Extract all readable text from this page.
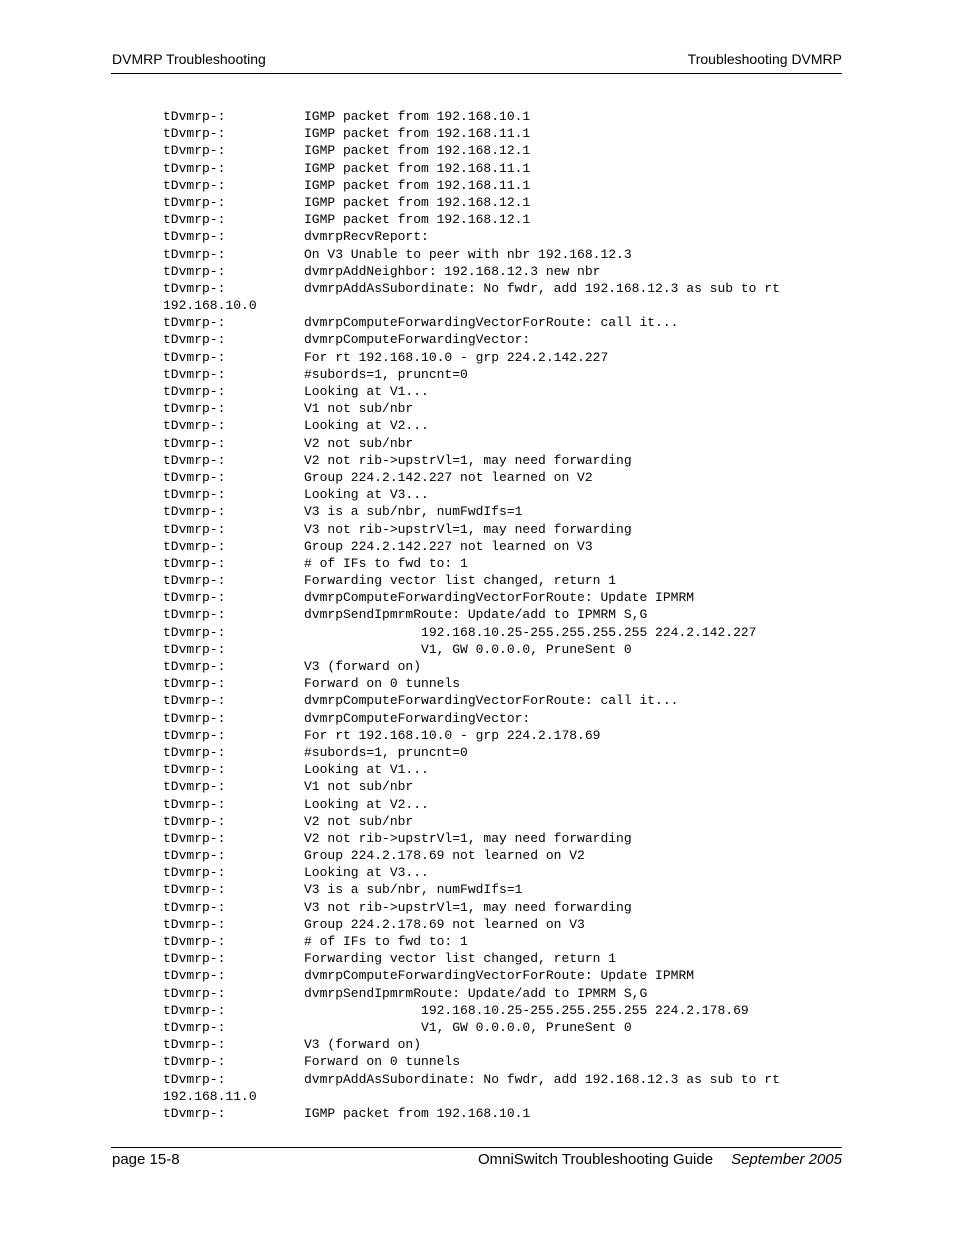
DVMRP Troubleshooting	Troubleshooting DVMRP
tDvmrp-:	IGMP packet from 192.168.10.1
tDvmrp-:	IGMP packet from 192.168.11.1
tDvmrp-:	IGMP packet from 192.168.12.1
tDvmrp-:	IGMP packet from 192.168.11.1
tDvmrp-:	IGMP packet from 192.168.11.1
tDvmrp-:	IGMP packet from 192.168.12.1
tDvmrp-:	IGMP packet from 192.168.12.1
tDvmrp-:	dvmrpRecvReport:
tDvmrp-:	On V3 Unable to peer with nbr 192.168.12.3
tDvmrp-:	dvmrpAddNeighbor: 192.168.12.3 new nbr
tDvmrp-:	dvmrpAddAsSubordinate: No fwdr, add 192.168.12.3 as sub to rt
192.168.10.0
tDvmrp-:	dvmrpComputeForwardingVectorForRoute: call it...
tDvmrp-:	dvmrpComputeForwardingVector:
tDvmrp-:	For rt 192.168.10.0 - grp 224.2.142.227
tDvmrp-:	#subords=1, pruncnt=0
tDvmrp-:	Looking at V1...
tDvmrp-:	V1 not sub/nbr
tDvmrp-:	Looking at V2...
tDvmrp-:	V2 not sub/nbr
tDvmrp-:	V2 not rib->upstrVl=1, may need forwarding
tDvmrp-:	Group 224.2.142.227 not learned on V2
tDvmrp-:	Looking at V3...
tDvmrp-:	V3 is a sub/nbr, numFwdIfs=1
tDvmrp-:	V3 not rib->upstrVl=1, may need forwarding
tDvmrp-:	Group 224.2.142.227 not learned on V3
tDvmrp-:	# of IFs to fwd to: 1
tDvmrp-:	Forwarding vector list changed, return 1
tDvmrp-:	dvmrpComputeForwardingVectorForRoute: Update IPMRM
tDvmrp-:	dvmrpSendIpmrmRoute: Update/add to IPMRM S,G
tDvmrp-:	192.168.10.25-255.255.255.255 224.2.142.227
tDvmrp-:	V1, GW 0.0.0.0, PruneSent 0
tDvmrp-:	V3 (forward on)
tDvmrp-:	Forward on 0 tunnels
tDvmrp-:	dvmrpComputeForwardingVectorForRoute: call it...
tDvmrp-:	dvmrpComputeForwardingVector:
tDvmrp-:	For rt 192.168.10.0 - grp 224.2.178.69
tDvmrp-:	#subords=1, pruncnt=0
tDvmrp-:	Looking at V1...
tDvmrp-:	V1 not sub/nbr
tDvmrp-:	Looking at V2...
tDvmrp-:	V2 not sub/nbr
tDvmrp-:	V2 not rib->upstrVl=1, may need forwarding
tDvmrp-:	Group 224.2.178.69 not learned on V2
tDvmrp-:	Looking at V3...
tDvmrp-:	V3 is a sub/nbr, numFwdIfs=1
tDvmrp-:	V3 not rib->upstrVl=1, may need forwarding
tDvmrp-:	Group 224.2.178.69 not learned on V3
tDvmrp-:	# of IFs to fwd to: 1
tDvmrp-:	Forwarding vector list changed, return 1
tDvmrp-:	dvmrpComputeForwardingVectorForRoute: Update IPMRM
tDvmrp-:	dvmrpSendIpmrmRoute: Update/add to IPMRM S,G
tDvmrp-:	192.168.10.25-255.255.255.255 224.2.178.69
tDvmrp-:	V1, GW 0.0.0.0, PruneSent 0
tDvmrp-:	V3 (forward on)
tDvmrp-:	Forward on 0 tunnels
tDvmrp-:	dvmrpAddAsSubordinate: No fwdr, add 192.168.12.3 as sub to rt
192.168.11.0
tDvmrp-:	IGMP packet from 192.168.10.1
page 15-8	OmniSwitch Troubleshooting Guide September 2005
